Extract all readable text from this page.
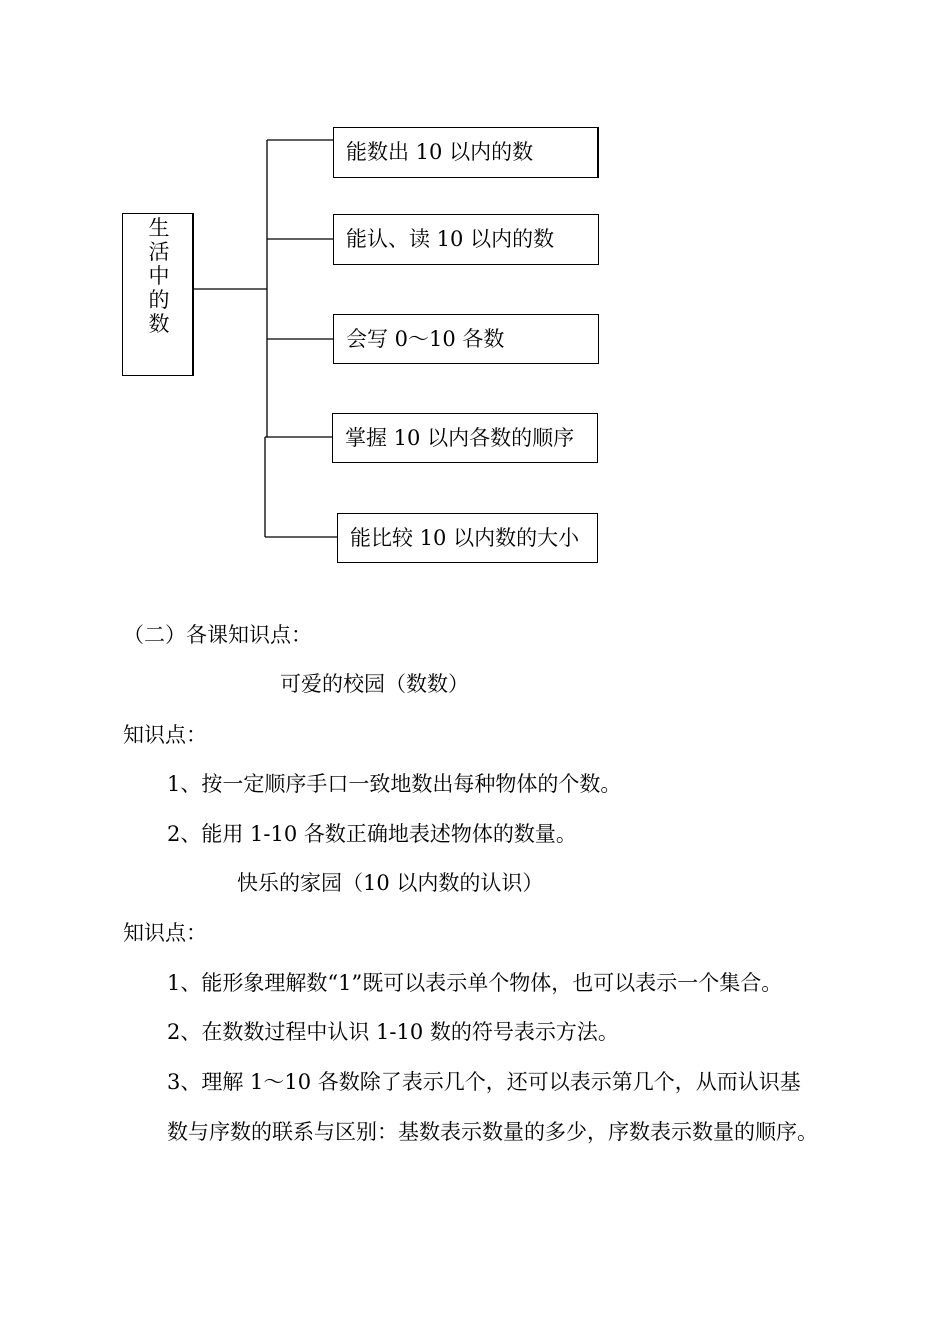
生活中的数
能数出 10 以内的数
能认、读 10 以内的数
会写 0～10 各数
掌握 10 以内各数的顺序
能比较 10 以内数的大小
（二）各课知识点：
可爱的校园（数数）
知识点：
1、按一定顺序手口一致地数出每种物体的个数。
2、能用 1-10 各数正确地表述物体的数量。
快乐的家园（10 以内数的认识）
知识点：
1、能形象理解数“1”既可以表示单个物体，也可以表示一个集合。
2、在数数过程中认识 1-10 数的符号表示方法。
3、理解 1～10 各数除了表示几个，还可以表示第几个，从而认识基
数与序数的联系与区别：基数表示数量的多少，序数表示数量的顺序。
